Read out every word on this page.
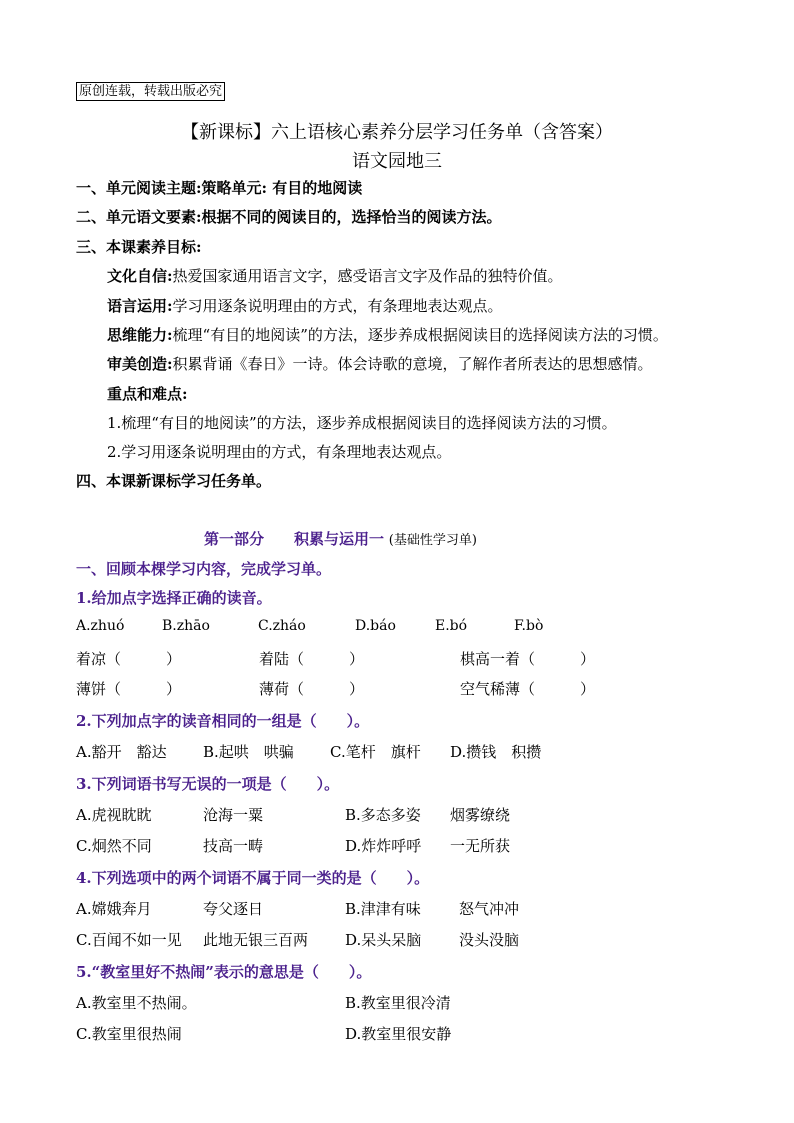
原创连载，转载出版必究
【新课标】六上语核心素养分层学习任务单（含答案）
语文园地三
一、单元阅读主题:策略单元: 有目的地阅读
二、单元语文要素:根据不同的阅读目的，选择恰当的阅读方法。
三、本课素养目标:
文化自信:热爱国家通用语言文字，感受语言文字及作品的独特价值。
语言运用:学习用逐条说明理由的方式，有条理地表达观点。
思维能力:梳理“有目的地阅读”的方法，逐步养成根据阅读目的选择阅读方法的习惯。
审美创造:积累背诵《春日》一诗。体会诗歌的意境，了解作者所表达的思想感情。
重点和难点:
1.梳理“有目的地阅读”的方法，逐步养成根据阅读目的选择阅读方法的习惯。
2.学习用逐条说明理由的方式，有条理地表达观点。
四、本课新课标学习任务单。
第一部分　　积累与运用一 (基础性学习单)
一、回顾本棵学习内容，完成学习单。
1.给加点字选择正确的读音。
A.zhuó	B.zhāo	C.zháo	D.báo	E.bó	F.bò
着凉（　　　）	着陆（　　　）	棋高一着（　　　）
薄饼（　　　）	薄荷（　　　）	空气稀薄（　　　）
2.下列加点字的读音相同的一组是（　　）。
A.豁开　豁达 B.起哄　哄骗 C.笔杆　旗杆 D.攒钱　积攒
3.下列词语书写无误的一项是（　　）。
A.虎视眈眈	沧海一粟	B.多态多姿 烟雾缭绕
C.炯然不同	技高一畴	D.炸炸呼呼 一无所获
4.下列选项中的两个词语不属于同一类的是（　　）。
A.嫦娥奔月	夸父逐日	B.津津有味	怒气冲冲
C.百闻不如一见 此地无银三百两 D.呆头呆脑	没头没脑
5.“教室里好不热闹”表示的意思是（　　）。
A.教室里不热闹。	B.教室里很冷清
C.教室里很热闹	D.教室里很安静
